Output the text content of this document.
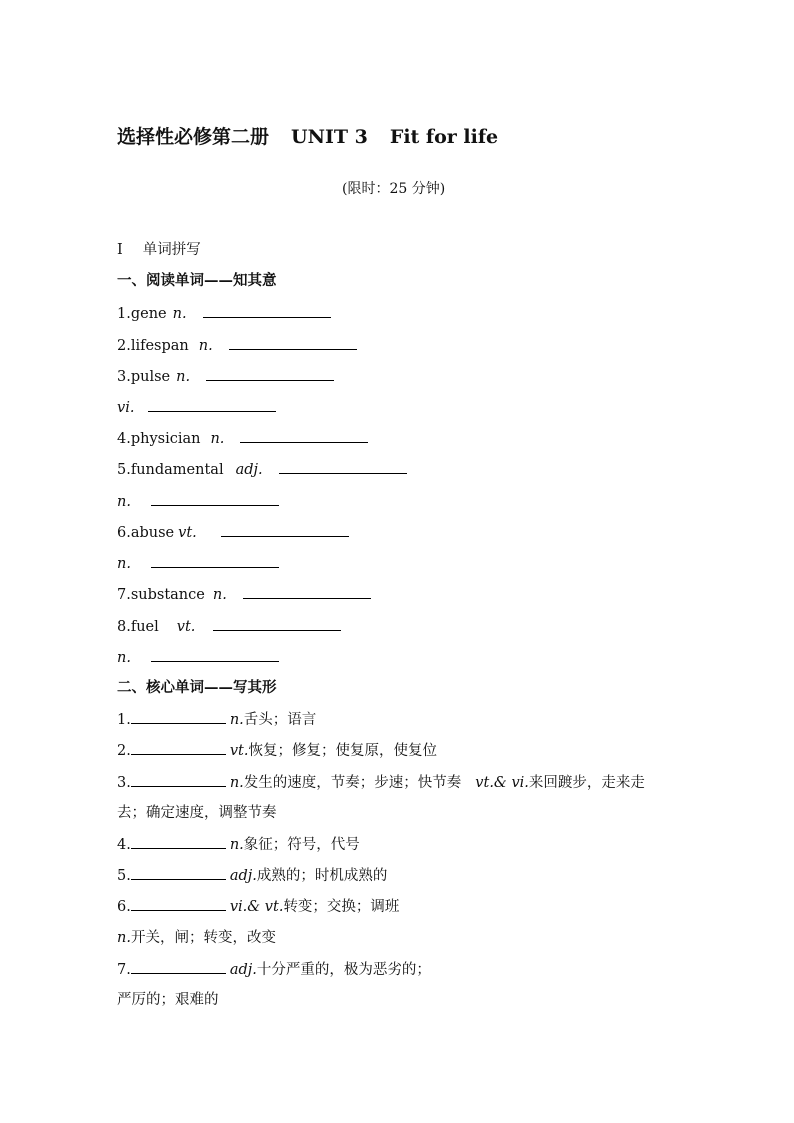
选择性必修第二册 UNIT 3 Fit for life
(限时：25 分钟)
Ⅰ 单词拼写
一、阅读单词——知其意
1.gene n.
2.lifespan n.
3.pulse n.
vi.
4.physician n.
5.fundamental adj.
n.
6.abuse vt.
n.
7.substance n.
8.fuel vt.
n.
二、核心单词——写其形
1.	n.舌头；语言
2.	vt.恢复；修复；使复原，使复位
3.	n.发生的速度，节奏；步速；快节奏 vt.& vi.来回踱步，走来走
去；确定速度，调整节奏
4.	n.象征；符号，代号
5.	adj.成熟的；时机成熟的
6.	vi.& vt.转变；交换；调班
n.开关，闸；转变，改变
7.	adj.十分严重的，极为恶劣的；
严厉的；艰难的
